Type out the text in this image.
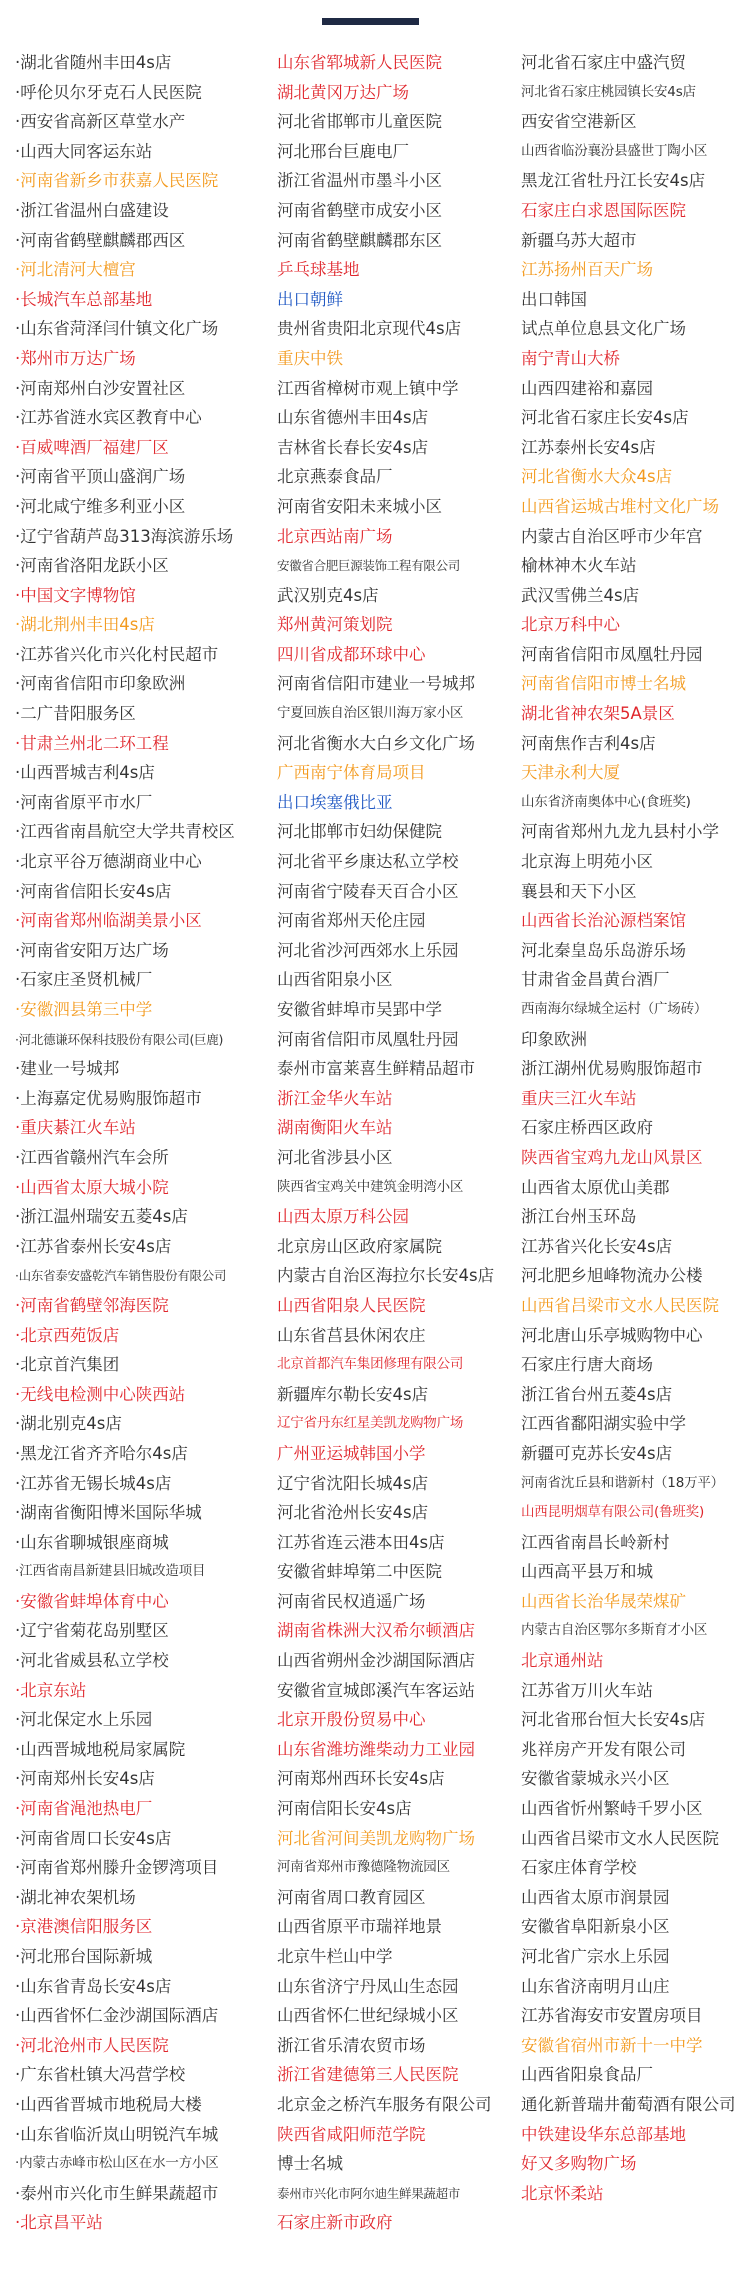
·湖北省随州丰田4s店	山东省郓城新人民医院	河北省石家庄中盛汽贸
·呼伦贝尔牙克石人民医院	湖北黄冈万达广场	河北省石家庄桃园镇长安4s店
·西安省高新区草堂水产	河北省邯郸市儿童医院	西安省空港新区
·山西大同客运东站	河北邢台巨鹿电厂	山西省临汾襄汾县盛世丁陶小区
·河南省新乡市获嘉人民医院	浙江省温州市墨斗小区	黑龙江省牡丹江长安4s店
·浙江省温州白盛建设	河南省鹤壁市成安小区	石家庄白求恩国际医院
·河南省鹤壁麒麟郡西区	河南省鹤壁麒麟郡东区	新疆乌苏大超市
·河北清河大檀宫	乒乓球基地	江苏扬州百天广场
·长城汽车总部基地	出口朝鲜	出口韩国
·山东省菏泽闫什镇文化广场	贵州省贵阳北京现代4s店	试点单位息县文化广场
·郑州市万达广场	重庆中铁	南宁青山大桥
·河南郑州白沙安置社区	江西省樟树市观上镇中学	山西四建裕和嘉园
·江苏省涟水宾区教育中心	山东省德州丰田4s店	河北省石家庄长安4s店
·百威啤酒厂福建厂区	吉林省长春长安4s店	江苏泰州长安4s店
·河南省平顶山盛润广场	北京燕泰食品厂	河北省衡水大众4s店
·河北咸宁维多利亚小区	河南省安阳未来城小区	山西省运城古堆村文化广场
·辽宁省葫芦岛313海滨游乐场	北京西站南广场	内蒙古自治区呼市少年宫
·河南省洛阳龙跃小区	安徽省合肥巨源装饰工程有限公司	榆林神木火车站
·中国文字博物馆	武汉别克4s店	武汉雪佛兰4s店
·湖北荆州丰田4s店	郑州黄河策划院	北京万科中心
·江苏省兴化市兴化村民超市	四川省成都环球中心	河南省信阳市凤凰牡丹园
·河南省信阳市印象欧洲	河南省信阳市建业一号城邦	河南省信阳市博士名城
·二广昔阳服务区	宁夏回族自治区银川海万家小区	湖北省神农架5A景区
·甘肃兰州北二环工程	河北省衡水大白乡文化广场	河南焦作吉利4s店
·山西晋城吉利4s店	广西南宁体育局项目	天津永利大厦
·河南省原平市水厂	出口埃塞俄比亚	山东省济南奥体中心(食班奖)
·江西省南昌航空大学共青校区	河北邯郸市妇幼保健院	河南省郑州九龙九县村小学
·北京平谷万德湖商业中心	河北省平乡康达私立学校	北京海上明苑小区
·河南省信阳长安4s店	河南省宁陵春天百合小区	襄县和天下小区
·河南省郑州临湖美景小区	河南省郑州天伦庄园	山西省长治沁源档案馆
·河南省安阳万达广场	河北省沙河西郊水上乐园	河北秦皇岛乐岛游乐场
·石家庄圣贤机械厂	山西省阳泉小区	甘肃省金昌黄台酒厂
·安徽泗县第三中学	安徽省蚌埠市吴郢中学	西南海尔绿城全运村（广场砖）
·河北德谦环保科技股份有限公司(巨鹿)	河南省信阳市凤凰牡丹园	印象欧洲
·建业一号城邦	泰州市富莱喜生鲜精品超市	浙江湖州优易购服饰超市
·上海嘉定优易购服饰超市	浙江金华火车站	重庆三江火车站
·重庆綦江火车站	湖南衡阳火车站	石家庄桥西区政府
·江西省赣州汽车会所	河北省涉县小区	陕西省宝鸡九龙山风景区
·山西省太原大城小院	陕西省宝鸡关中建筑金明湾小区	山西省太原优山美郡
·浙江温州瑞安五菱4s店	山西太原万科公园	浙江台州玉环岛
·江苏省泰州长安4s店	北京房山区政府家属院	江苏省兴化长安4s店
·山东省泰安盛乾汽车销售股份有限公司	内蒙古自治区海拉尔长安4s店 河北肥乡旭峰物流办公楼
·河南省鹤壁邻海医院	山西省阳泉人民医院	山西省吕梁市文水人民医院
·北京西苑饭店	山东省莒县休闲农庄	河北唐山乐亭城购物中心
·北京首汽集团	北京首都汽车集团修理有限公司	石家庄行唐大商场
·无线电检测中心陕西站	新疆库尔勒长安4s店	浙江省台州五菱4s店
·湖北别克4s店	辽宁省丹东红星美凯龙购物广场	江西省鄱阳湖实验中学
·黑龙江省齐齐哈尔4s店	广州亚运城韩国小学	新疆可克苏长安4s店
·江苏省无锡长城4s店	辽宁省沈阳长城4s店	河南省沈丘县和谐新村（18万平）
·湖南省衡阳博米国际华城	河北省沧州长安4s店	山西昆明烟草有限公司(鲁班奖)
·山东省聊城银座商城	江苏省连云港本田4s店	江西省南昌长岭新村
·江西省南昌新建县旧城改造项目	安徽省蚌埠第二中医院	山西高平县万和城
·安徽省蚌埠体育中心	河南省民权逍遥广场	山西省长治华晟荣煤矿
·辽宁省菊花岛别墅区	湖南省株洲大汉希尔顿酒店	内蒙古自治区鄂尔多斯育才小区
·河北省威县私立学校	山西省朔州金沙湖国际酒店	北京通州站
·北京东站	安徽省宣城郎溪汽车客运站	江苏省万川火车站
·河北保定水上乐园	北京开殷份贸易中心	河北省邢台恒大长安4s店
·山西晋城地税局家属院	山东省潍坊潍柴动力工业园	兆祥房产开发有限公司
·河南郑州长安4s店	河南郑州西环长安4s店	安徽省蒙城永兴小区
·河南省渑池热电厂	河南信阳长安4s店	山西省忻州繁峙千罗小区
·河南省周口长安4s店	河北省河间美凯龙购物广场	山西省吕梁市文水人民医院
·河南省郑州滕升金锣湾项目	河南省郑州市豫德隆物流园区	石家庄体育学校
·湖北神农架机场	河南省周口教育园区	山西省太原市润景园
·京港澳信阳服务区	山西省原平市瑞祥地景	安徽省阜阳新泉小区
·河北邢台国际新城	北京牛栏山中学	河北省广宗水上乐园
·山东省青岛长安4s店	山东省济宁丹凤山生态园	山东省济南明月山庄
·山西省怀仁金沙湖国际酒店	山西省怀仁世纪绿城小区	江苏省海安市安置房项目
·河北沧州市人民医院	浙江省乐清农贸市场	安徽省宿州市新十一中学
·广东省杜镇大冯营学校	浙江省建德第三人民医院	山西省阳泉食品厂
·山西省晋城市地税局大楼	北京金之桥汽车服务有限公司 通化新普瑞井葡萄酒有限公司
·山东省临沂岚山明锐汽车城	陕西省咸阳师范学院	中铁建设华东总部基地
·内蒙古赤峰市松山区在水一方小区	博士名城	好又多购物广场
·泰州市兴化市生鲜果蔬超市	泰州市兴化市阿尔迪生鲜果蔬超市	北京怀柔站
·北京昌平站	石家庄新市政府
